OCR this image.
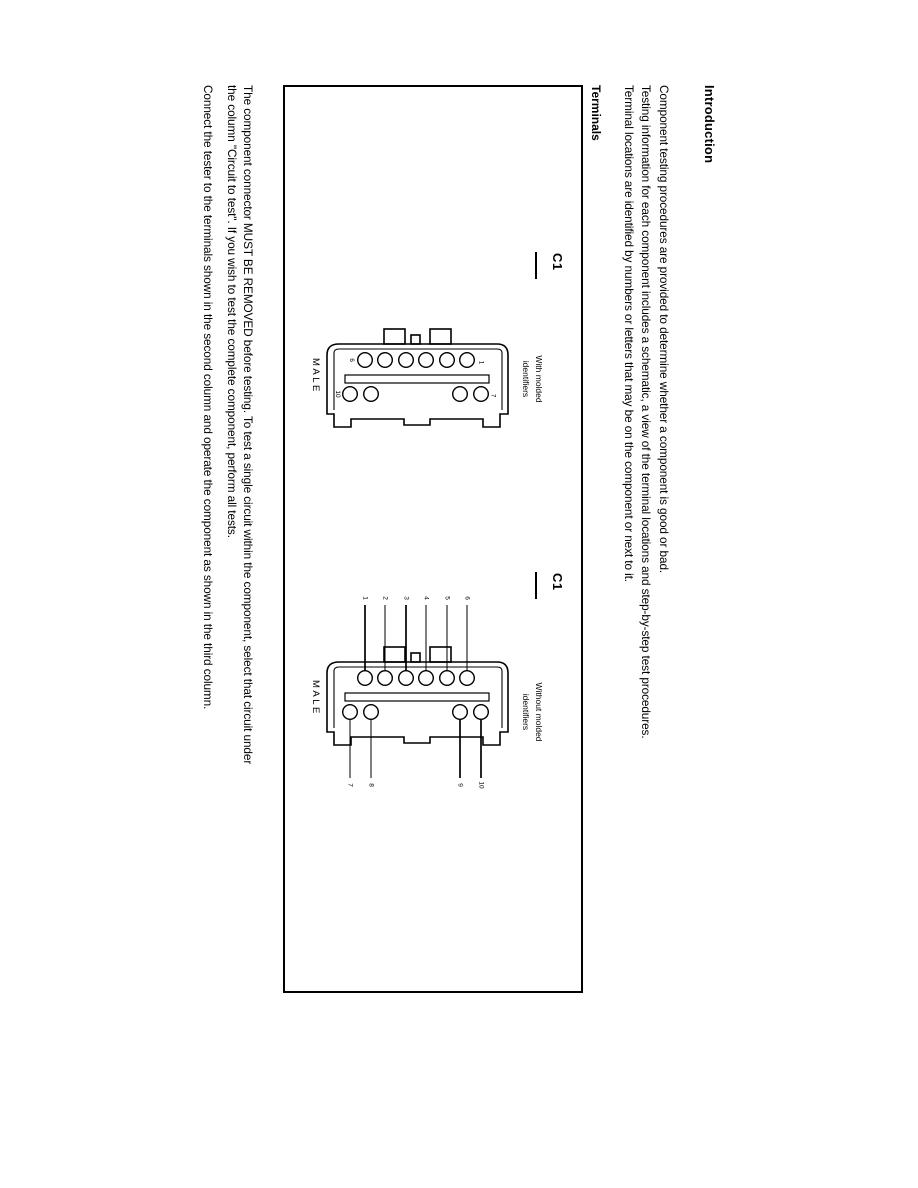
Introduction
Component testing procedures are provided to determine whether a component is good or bad.
Testing information for each component includes a schematic, a view of the terminal locations and step-by-step test procedures.
Terminal locations are identified by numbers or letters that may be on the component or next to it.
Terminals
C1
With molded
identifiers
6
1
10	7
MALE
C1
Without molded
identifiers
1 2 3 4 5 6
7 8	9 10
MALE
The component connector MUST BE REMOVED before testing. To test a single circuit within the component, select that circuit under
the column "Circuit to test". If you wish to test the complete component, perform all tests.
Connect the tester to the terminals shown in the second column and operate the component as shown in the third column.
